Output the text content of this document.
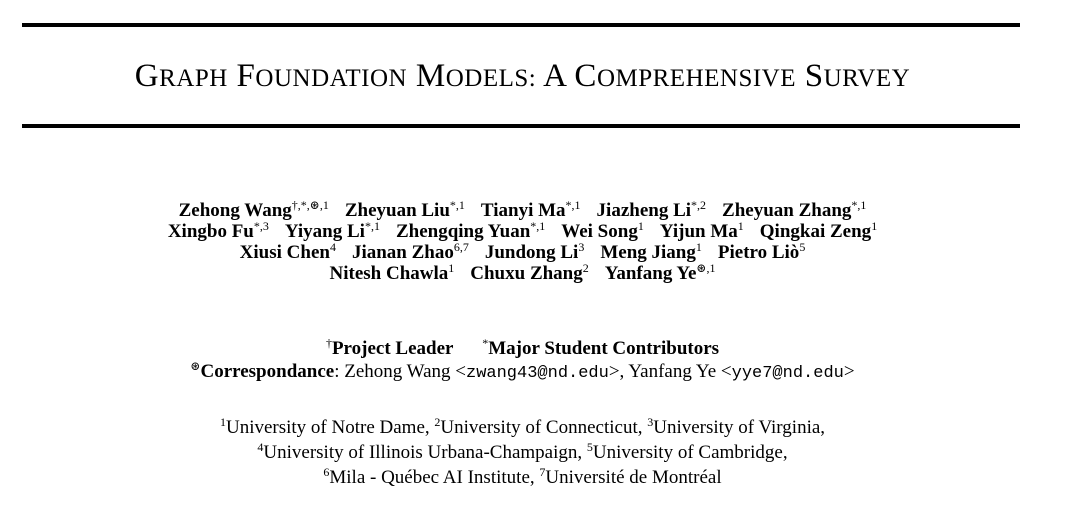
GRAPH FOUNDATION MODELS: A COMPREHENSIVE SURVEY
Zehong Wang$^{\dagger,*,⊛,1}$ Zheyuan Liu$^{*,1}$ Tianyi $Ma^{*,1}$ Jiazheng $Li^{*,2}$ Zheyuan Zhang$^{*,1}$
Xingbo $Fu^{*,3}$ Yiyang $Li^{*,1}$ Zhengqing Yuan$^{*,1}$ Wei Song$^1$ Yijun Ma$^1$ Qingkai Zeng$^1$
Xiusi Chen$^4$ Jianan Zhao$^{6,7}$ Jundong Li$^3$ Meng Jiang$^1$ Pietro Liò$^5$
Nitesh Chawla$^1$ Chuxu Zhang$^2$ Yanfang $Ye^{⊛,1}$
†Project Leader *Major Student Contributors
⊛Correspondance: Zehong Wang <zwang43@nd.edu>, Yanfang Ye <yye7@nd.edu>
$^1$University of Notre Dame, $^2$University of Connecticut, $^3$University of Virginia,
$^4$University of Illinois Urbana-Champaign, $^5$University of Cambridge,
$^6$Mila - Québec AI Institute, $^7$Université de Montréal
